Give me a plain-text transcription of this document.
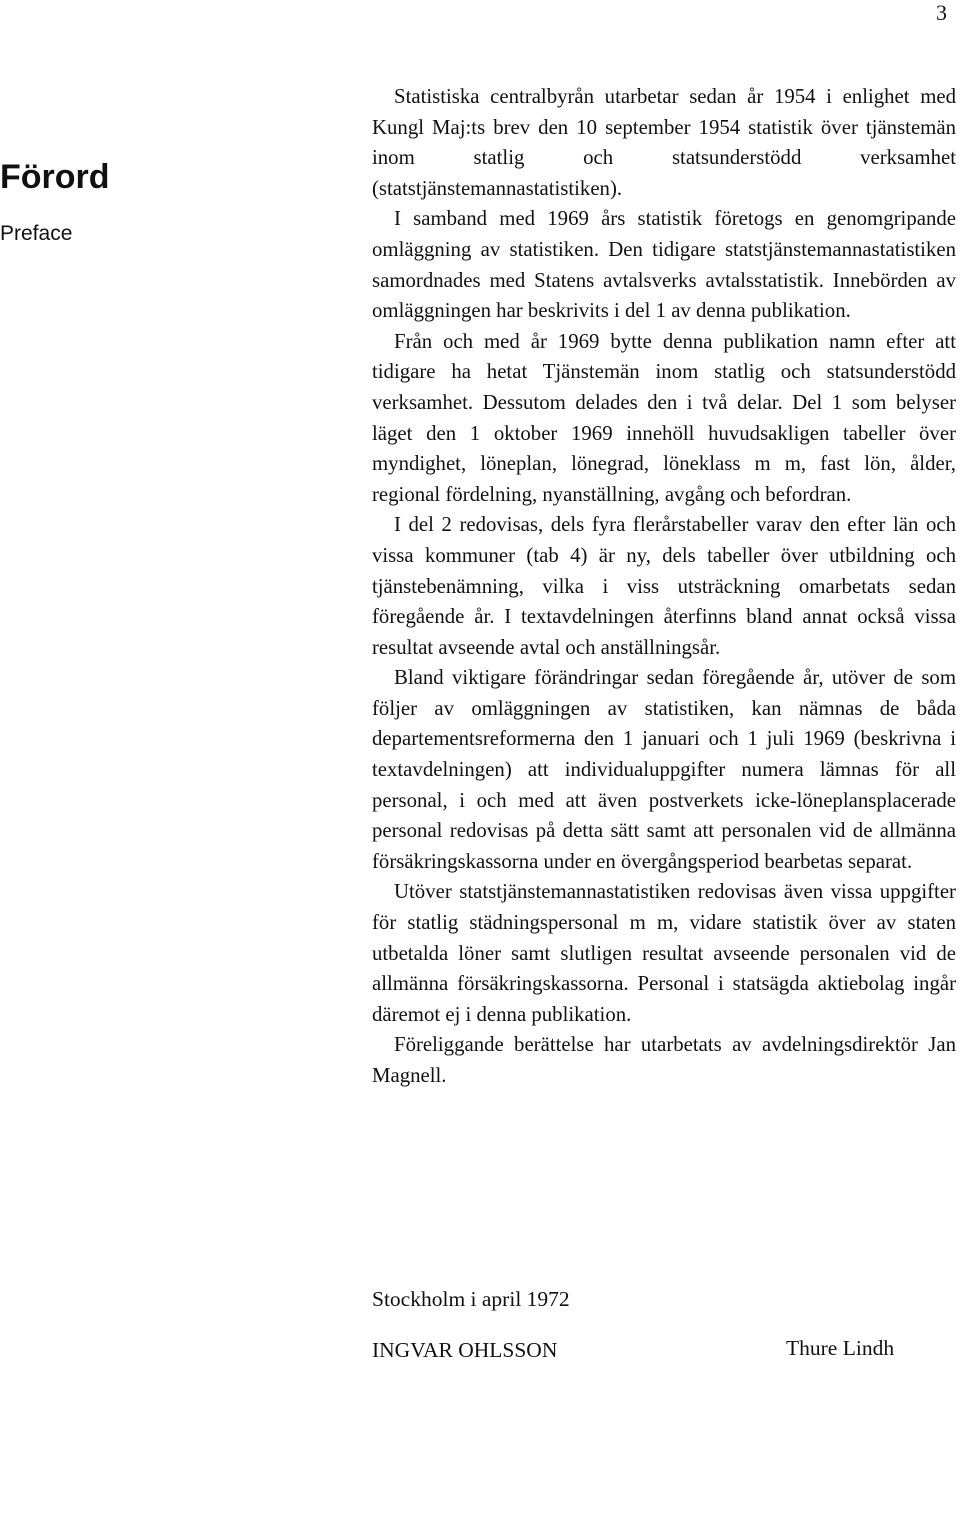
3
Förord
Preface

Statistiska centralbyrån utarbetar sedan år 1954 i enlighet med Kungl Maj:ts brev den 10 september 1954 statistik över tjänstemän inom statlig och statsunderstödd verksamhet (statstjänstemannastatistiken).

I samband med 1969 års statistik företogs en genomgripande omläggning av statistiken. Den tidigare statstjänstemannastatistiken samordnades med Statens avtalsverks avtalsstatistik. Innebörden av omläggningen har beskrivits i del 1 av denna publikation.

Från och med år 1969 bytte denna publikation namn efter att tidigare ha hetat Tjänstemän inom statlig och statsunderstödd verksamhet. Dessutom delades den i två delar. Del 1 som belyser läget den 1 oktober 1969 innehöll huvudsakligen tabeller över myndighet, löneplan, lönegrad, löneklass m m, fast lön, ålder, regional fördelning, nyanställning, avgång och befordran.

I del 2 redovisas, dels fyra flerårstabeller varav den efter län och vissa kommuner (tab 4) är ny, dels tabeller över utbildning och tjänstebenämning, vilka i viss utsträckning omarbetats sedan föregående år. I textavdelningen återfinns bland annat också vissa resultat avseende avtal och anställningsår.

Bland viktigare förändringar sedan föregående år, utöver de som följer av omläggningen av statistiken, kan nämnas de båda departementsreformerna den 1 januari och 1 juli 1969 (beskrivna i textavdelningen) att individualuppgifter numera lämnas för all personal, i och med att även postverkets icke-löneplansplacerade personal redovisas på detta sätt samt att personalen vid de allmänna försäkringskassorna under en övergångsperiod bearbetas separat.

Utöver statstjänstemannastatistiken redovisas även vissa uppgifter för statlig städningspersonal m m, vidare statistik över av staten utbetalda löner samt slutligen resultat avseende personalen vid de allmänna försäkringskassorna. Personal i statsägda aktiebolag ingår däremot ej i denna publikation.

Föreliggande berättelse har utarbetats av avdelningsdirektör Jan Magnell.

Stockholm i april 1972
INGVAR OHLSSON	Thure Lindh
